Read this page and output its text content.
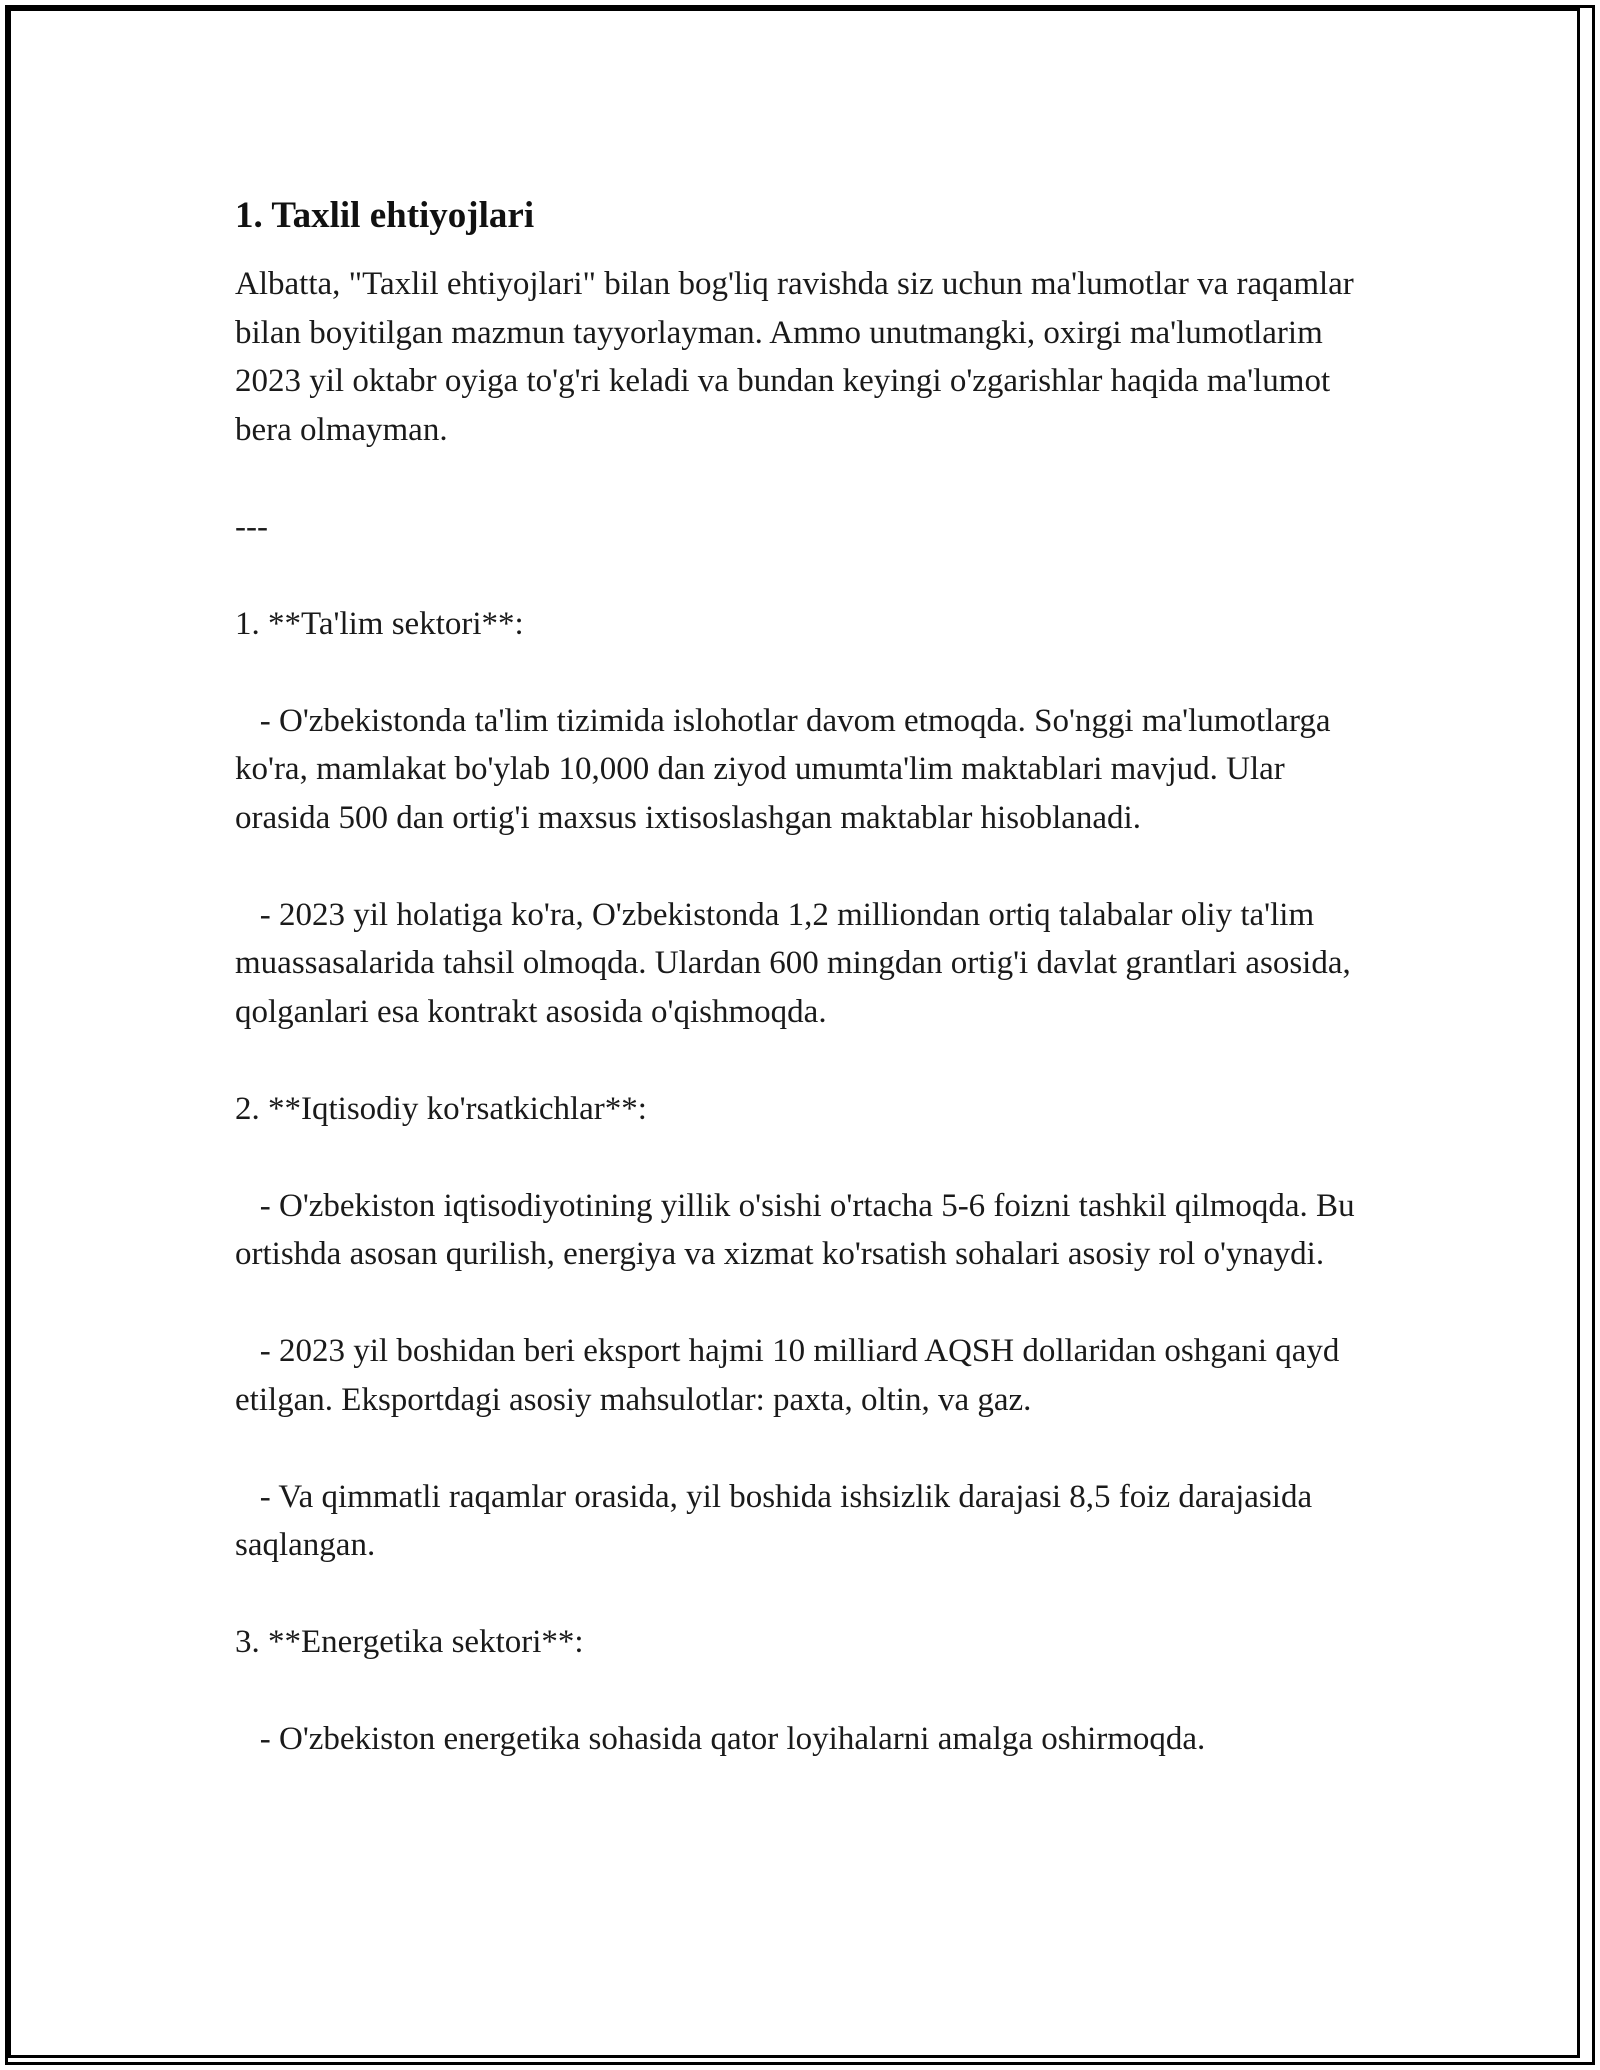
1. Taxlil ehtiyojlari

Albatta, "Taxlil ehtiyojlari" bilan bog'liq ravishda siz uchun ma'lumotlar va raqamlar bilan boyitilgan mazmun tayyorlayman. Ammo unutmangki, oxirgi ma'lumotlarim 2023 yil oktabr oyiga to'g'ri keladi va bundan keyingi o'zgarishlar haqida ma'lumot bera olmayman.

---

1. **Ta'lim sektori**:

- O'zbekistonda ta'lim tizimida islohotlar davom etmoqda. So'nggi ma'lumotlarga ko'ra, mamlakat bo'ylab 10,000 dan ziyod umumta'lim maktablari mavjud. Ular orasida 500 dan ortig'i maxsus ixtisoslashgan maktablar hisoblanadi.

- 2023 yil holatiga ko'ra, O'zbekistonda 1,2 milliondan ortiq talabalar oliy ta'lim muassasalarida tahsil olmoqda. Ulardan 600 mingdan ortig'i davlat grantlari asosida, qolganlari esa kontrakt asosida o'qishmoqda.

2. **Iqtisodiy ko'rsatkichlar**:

- O'zbekiston iqtisodiyotining yillik o'sishi o'rtacha 5-6 foizni tashkil qilmoqda. Bu ortishda asosan qurilish, energiya va xizmat ko'rsatish sohalari asosiy rol o'ynaydi.

- 2023 yil boshidan beri eksport hajmi 10 milliard AQSH dollaridan oshgani qayd etilgan. Eksportdagi asosiy mahsulotlar: paxta, oltin, va gaz.

- Va qimmatli raqamlar orasida, yil boshida ishsizlik darajasi 8,5 foiz darajasida saqlangan.

3. **Energetika sektori**:

- O'zbekiston energetika sohasida qator loyihalarni amalga oshirmoqda.
